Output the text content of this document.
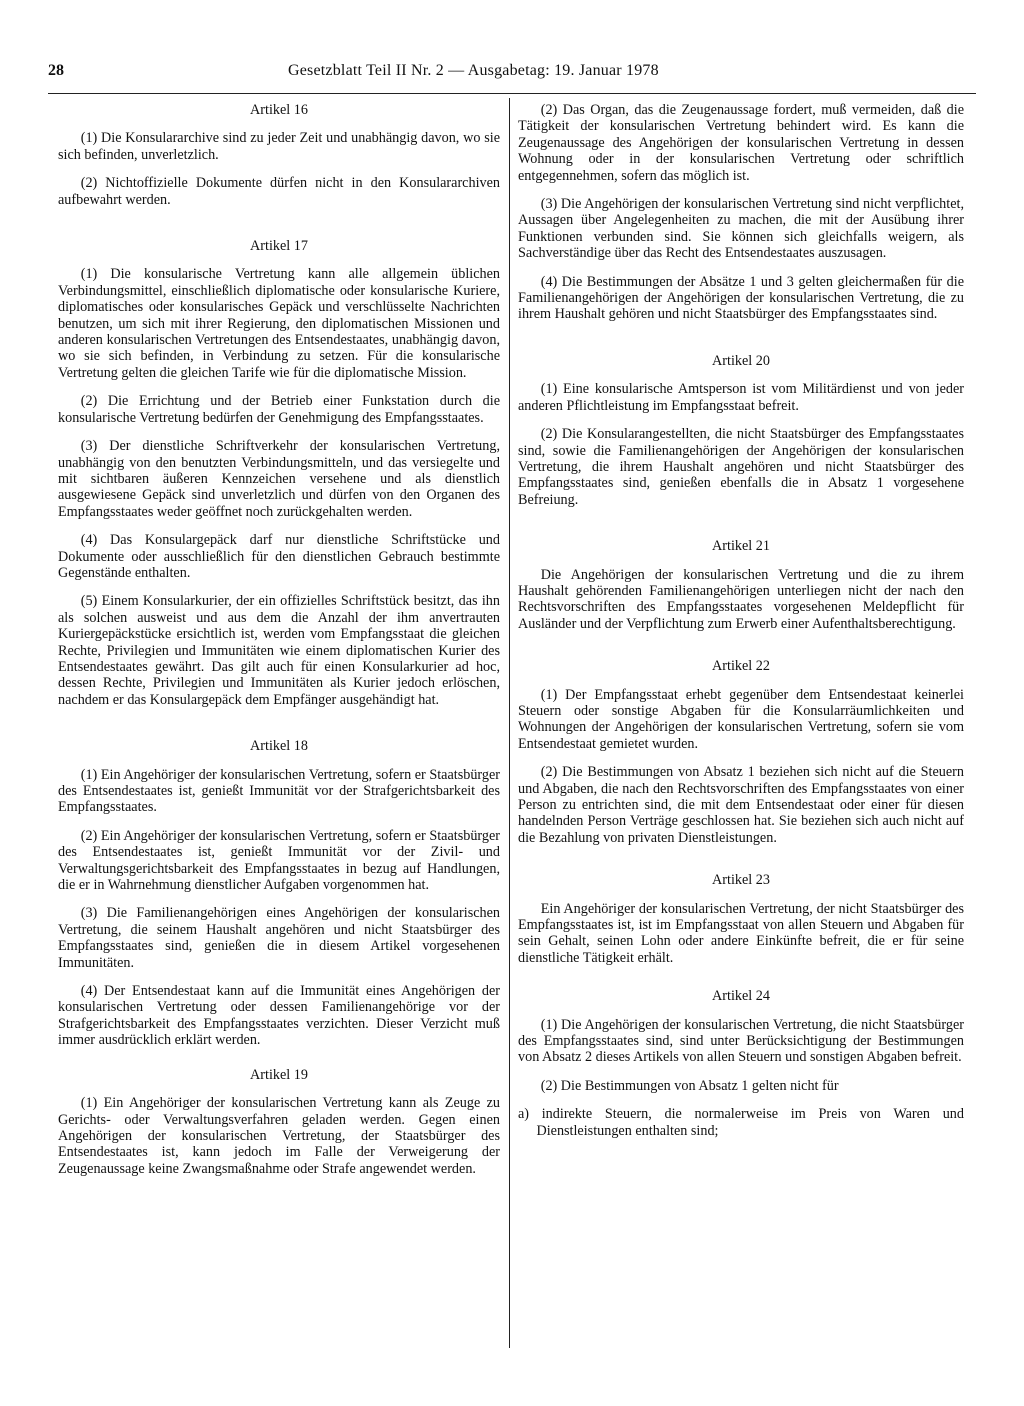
28	Gesetzblatt Teil II Nr. 2 — Ausgabetag: 19. Januar 1978
Artikel 16

(1) Die Konsulararchive sind zu jeder Zeit und unabhängig davon, wo sie sich befinden, unverletzlich.

(2) Nichtoffizielle Dokumente dürfen nicht in den Konsulararchiven aufbewahrt werden.

Artikel 17

(1) Die konsularische Vertretung kann alle allgemein üblichen Verbindungsmittel, einschließlich diplomatische oder konsularische Kuriere, diplomatisches oder konsularisches Gepäck und verschlüsselte Nachrichten benutzen, um sich mit ihrer Regierung, den diplomatischen Missionen und anderen konsularischen Vertretungen des Entsendestaates, unabhängig davon, wo sie sich befinden, in Verbindung zu setzen. Für die konsularische Vertretung gelten die gleichen Tarife wie für die diplomatische Mission.

(2) Die Errichtung und der Betrieb einer Funkstation durch die konsularische Vertretung bedürfen der Genehmigung des Empfangsstaates.

(3) Der dienstliche Schriftverkehr der konsularischen Vertretung, unabhängig von den benutzten Verbindungsmitteln, und das versiegelte und mit sichtbaren äußeren Kennzeichen versehene und als dienstlich ausgewiesene Gepäck sind unverletzlich und dürfen von den Organen des Empfangsstaates weder geöffnet noch zurückgehalten werden.

(4) Das Konsulargepäck darf nur dienstliche Schriftstücke und Dokumente oder ausschließlich für den dienstlichen Gebrauch bestimmte Gegenstände enthalten.

(5) Einem Konsularkurier, der ein offizielles Schriftstück besitzt, das ihn als solchen ausweist und aus dem die Anzahl der ihm anvertrauten Kuriergepäckstücke ersichtlich ist, werden vom Empfangsstaat die gleichen Rechte, Privilegien und Immunitäten wie einem diplomatischen Kurier des Entsendestaates gewährt. Das gilt auch für einen Konsularkurier ad hoc, dessen Rechte, Privilegien und Immunitäten als Kurier jedoch erlöschen, nachdem er das Konsulargepäck dem Empfänger ausgehändigt hat.

Artikel 18

(1) Ein Angehöriger der konsularischen Vertretung, sofern er Staatsbürger des Entsendestaates ist, genießt Immunität vor der Strafgerichtsbarkeit des Empfangsstaates.

(2) Ein Angehöriger der konsularischen Vertretung, sofern er Staatsbürger des Entsendestaates ist, genießt Immunität vor der Zivil- und Verwaltungsgerichtsbarkeit des Empfangsstaates in bezug auf Handlungen, die er in Wahrnehmung dienstlicher Aufgaben vorgenommen hat.

(3) Die Familienangehörigen eines Angehörigen der konsularischen Vertretung, die seinem Haushalt angehören und nicht Staatsbürger des Empfangsstaates sind, genießen die in diesem Artikel vorgesehenen Immunitäten.

(4) Der Entsendestaat kann auf die Immunität eines Angehörigen der konsularischen Vertretung oder dessen Familienangehörige vor der Strafgerichtsbarkeit des Empfangsstaates verzichten. Dieser Verzicht muß immer ausdrücklich erklärt werden.

Artikel 19

(1) Ein Angehöriger der konsularischen Vertretung kann als Zeuge zu Gerichts- oder Verwaltungsverfahren geladen werden. Gegen einen Angehörigen der konsularischen Vertretung, der Staatsbürger des Entsendestaates ist, kann jedoch im Falle der Verweigerung der Zeugenaussage keine Zwangsmaßnahme oder Strafe angewendet werden.

(2) Das Organ, das die Zeugenaussage fordert, muß vermeiden, daß die Tätigkeit der konsularischen Vertretung behindert wird. Es kann die Zeugenaussage des Angehörigen der konsularischen Vertretung in dessen Wohnung oder in der konsularischen Vertretung oder schriftlich entgegennehmen, sofern das möglich ist.

(3) Die Angehörigen der konsularischen Vertretung sind nicht verpflichtet, Aussagen über Angelegenheiten zu machen, die mit der Ausübung ihrer Funktionen verbunden sind. Sie können sich gleichfalls weigern, als Sachverständige über das Recht des Entsendestaates auszusagen.

(4) Die Bestimmungen der Absätze 1 und 3 gelten gleichermaßen für die Familienangehörigen der Angehörigen der konsularischen Vertretung, die zu ihrem Haushalt gehören und nicht Staatsbürger des Empfangsstaates sind.

Artikel 20

(1) Eine konsularische Amtsperson ist vom Militärdienst und von jeder anderen Pflichtleistung im Empfangsstaat befreit.

(2) Die Konsularangestellten, die nicht Staatsbürger des Empfangsstaates sind, sowie die Familienangehörigen der Angehörigen der konsularischen Vertretung, die ihrem Haushalt angehören und nicht Staatsbürger des Empfangsstaates sind, genießen ebenfalls die in Absatz 1 vorgesehene Befreiung.

Artikel 21

Die Angehörigen der konsularischen Vertretung und die zu ihrem Haushalt gehörenden Familienangehörigen unterliegen nicht der nach den Rechtsvorschriften des Empfangsstaates vorgesehenen Meldepflicht für Ausländer und der Verpflichtung zum Erwerb einer Aufenthaltsberechtigung.

Artikel 22

(1) Der Empfangsstaat erhebt gegenüber dem Entsendestaat keinerlei Steuern oder sonstige Abgaben für die Konsularräumlichkeiten und Wohnungen der Angehörigen der konsularischen Vertretung, sofern sie vom Entsendestaat gemietet wurden.

(2) Die Bestimmungen von Absatz 1 beziehen sich nicht auf die Steuern und Abgaben, die nach den Rechtsvorschriften des Empfangsstaates von einer Person zu entrichten sind, die mit dem Entsendestaat oder einer für diesen handelnden Person Verträge geschlossen hat. Sie beziehen sich auch nicht auf die Bezahlung von privaten Dienstleistungen.

Artikel 23

Ein Angehöriger der konsularischen Vertretung, der nicht Staatsbürger des Empfangsstaates ist, ist im Empfangsstaat von allen Steuern und Abgaben für sein Gehalt, seinen Lohn oder andere Einkünfte befreit, die er für seine dienstliche Tätigkeit erhält.

Artikel 24

(1) Die Angehörigen der konsularischen Vertretung, die nicht Staatsbürger des Empfangsstaates sind, sind unter Berücksichtigung der Bestimmungen von Absatz 2 dieses Artikels von allen Steuern und sonstigen Abgaben befreit.

(2) Die Bestimmungen von Absatz 1 gelten nicht für

a) indirekte Steuern, die normalerweise im Preis von Waren und Dienstleistungen enthalten sind;
